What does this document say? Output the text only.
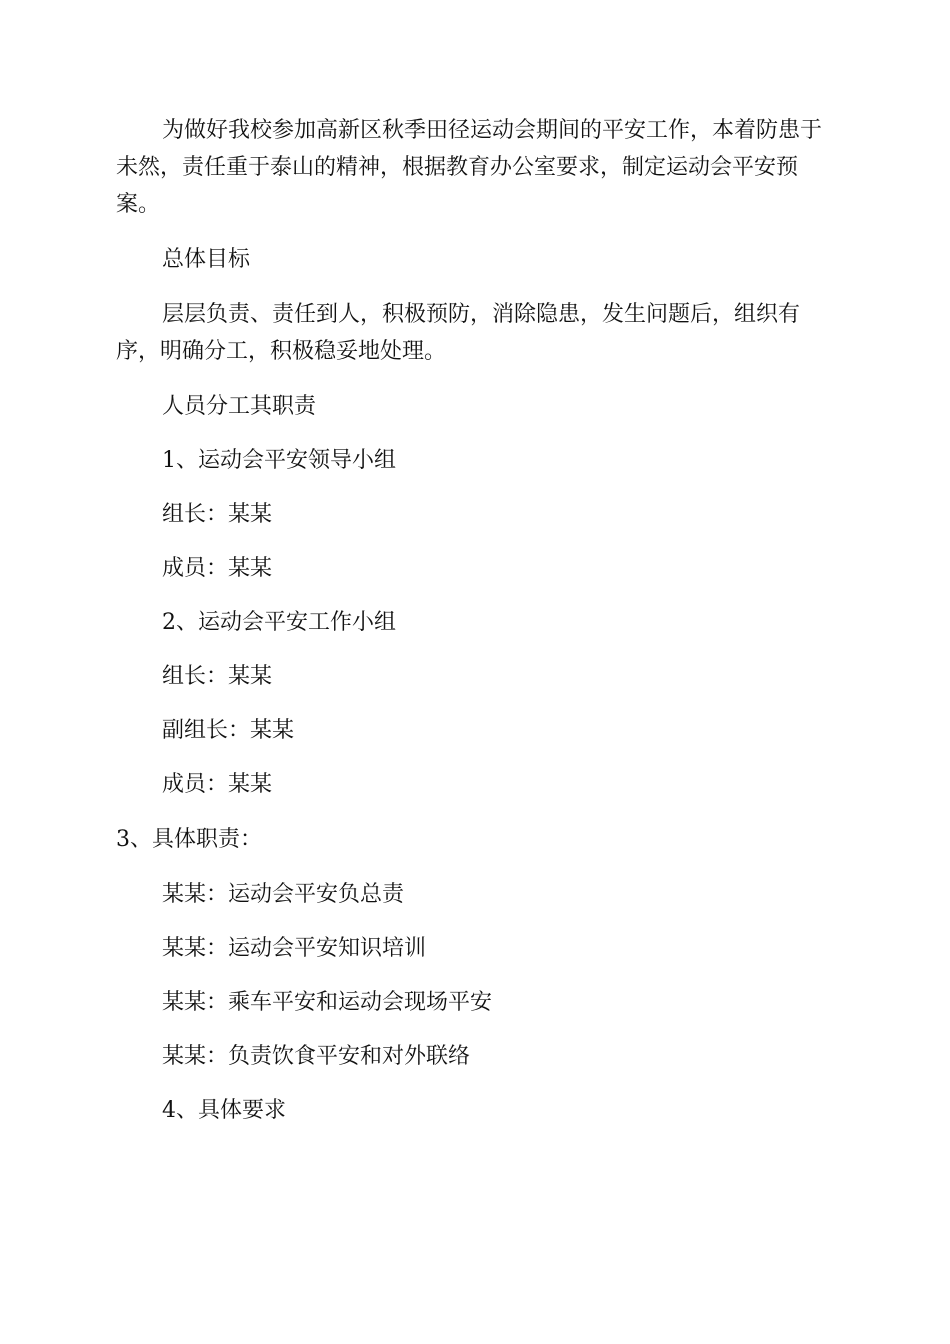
为做好我校参加高新区秋季田径运动会期间的平安工作，本着防患于未然，责任重于泰山的精神，根据教育办公室要求，制定运动会平安预案。

总体目标

层层负责、责任到人，积极预防，消除隐患，发生问题后，组织有序，明确分工，积极稳妥地处理。

人员分工其职责

1、运动会平安领导小组

组长：某某

成员：某某

2、运动会平安工作小组

组长：某某

副组长：某某

成员：某某

3、具体职责：

某某：运动会平安负总责

某某：运动会平安知识培训

某某：乘车平安和运动会现场平安

某某：负责饮食平安和对外联络

4、具体要求
